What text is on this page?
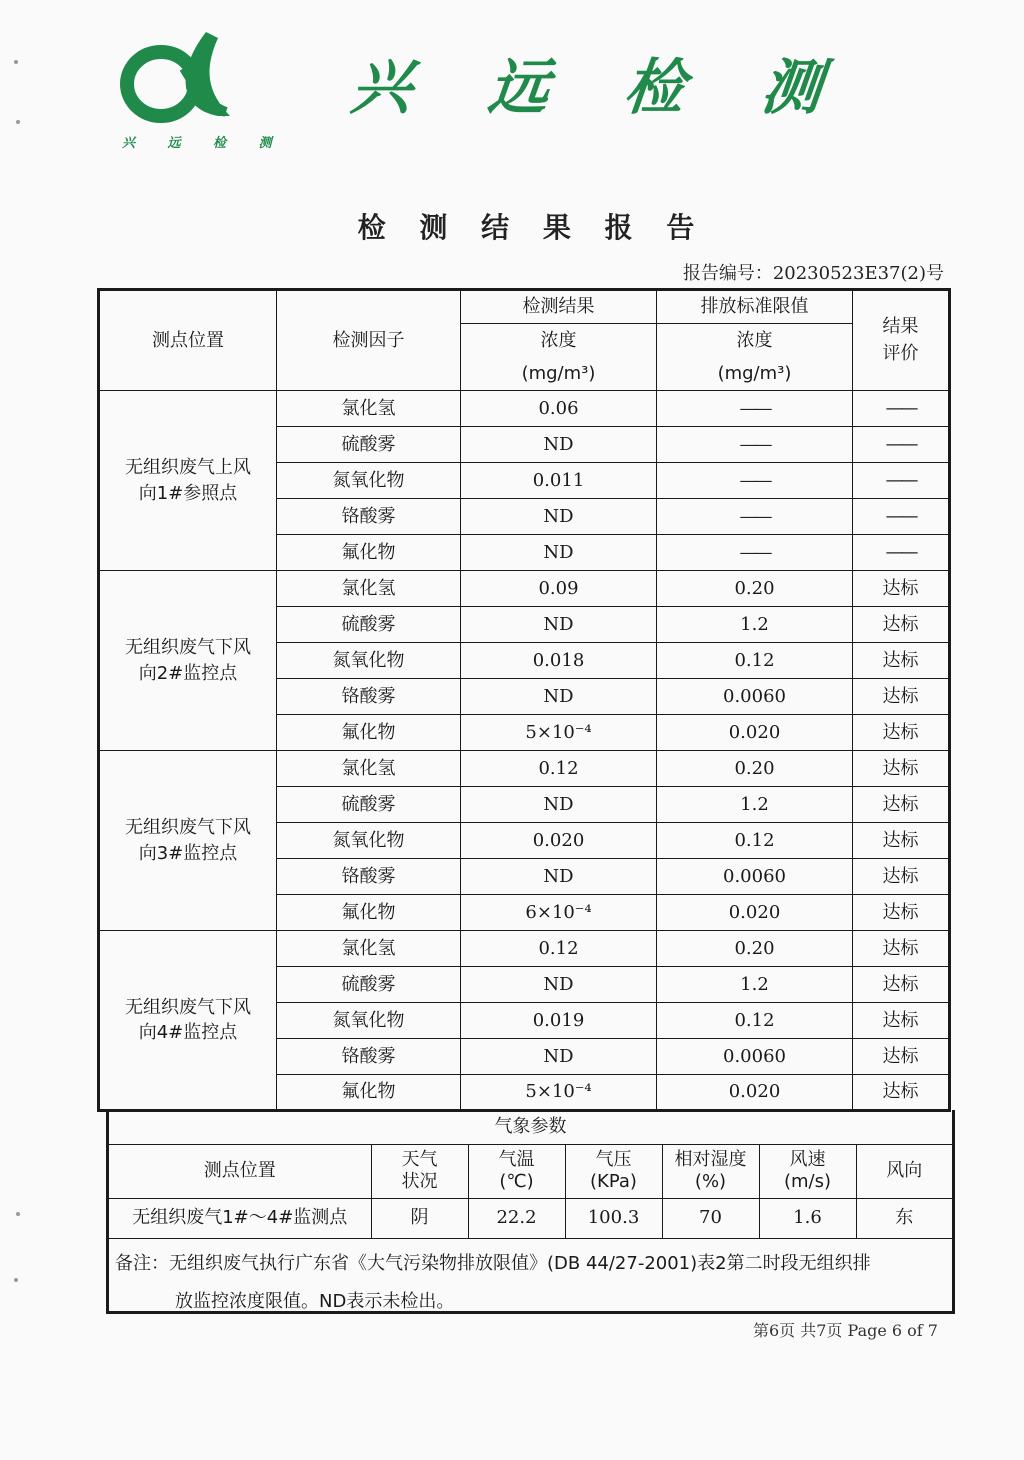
兴 远 检 测
兴 远 检 测
检 测 结 果 报 告
报告编号：20230523E37(2)号
测点位置	检测因子	检测结果	排放标准限值	结果评价

		浓度	浓度	
		(mg/m³)	(mg/m³)	

无组织废气上风向1#参照点	氯化氢	0.06	——	——
	硫酸雾	ND	——	——
	氮氧化物	0.011	——	——
	铬酸雾	ND	——	——
	氟化物	ND	——	——

无组织废气下风向2#监控点	氯化氢	0.09	0.20	达标
	硫酸雾	ND	1.2	达标
	氮氧化物	0.018	0.12	达标
	铬酸雾	ND	0.0060	达标
	氟化物	5×10⁻⁴	0.020	达标

无组织废气下风向3#监控点	氯化氢	0.12	0.20	达标
	硫酸雾	ND	1.2	达标
	氮氧化物	0.020	0.12	达标
	铬酸雾	ND	0.0060	达标
	氟化物	6×10⁻⁴	0.020	达标

无组织废气下风向4#监控点	氯化氢	0.12	0.20	达标
	硫酸雾	ND	1.2	达标
	氮氧化物	0.019	0.12	达标
	铬酸雾	ND	0.0060	达标
	氟化物	5×10⁻⁴	0.020	达标
气象参数						
测点位置	天气状况	气温(℃)	气压(KPa)	相对湿度(%)	风速(m/s)	风向
无组织废气1#～4#监测点	阴	22.2	100.3	70	1.6	东
备注：无组织废气执行广东省《大气污染物排放限值》(DB 44/27-2001)表2第二时段无组织排
放监控浓度限值。ND表示未检出。
第6页 共7页 Page 6 of 7
